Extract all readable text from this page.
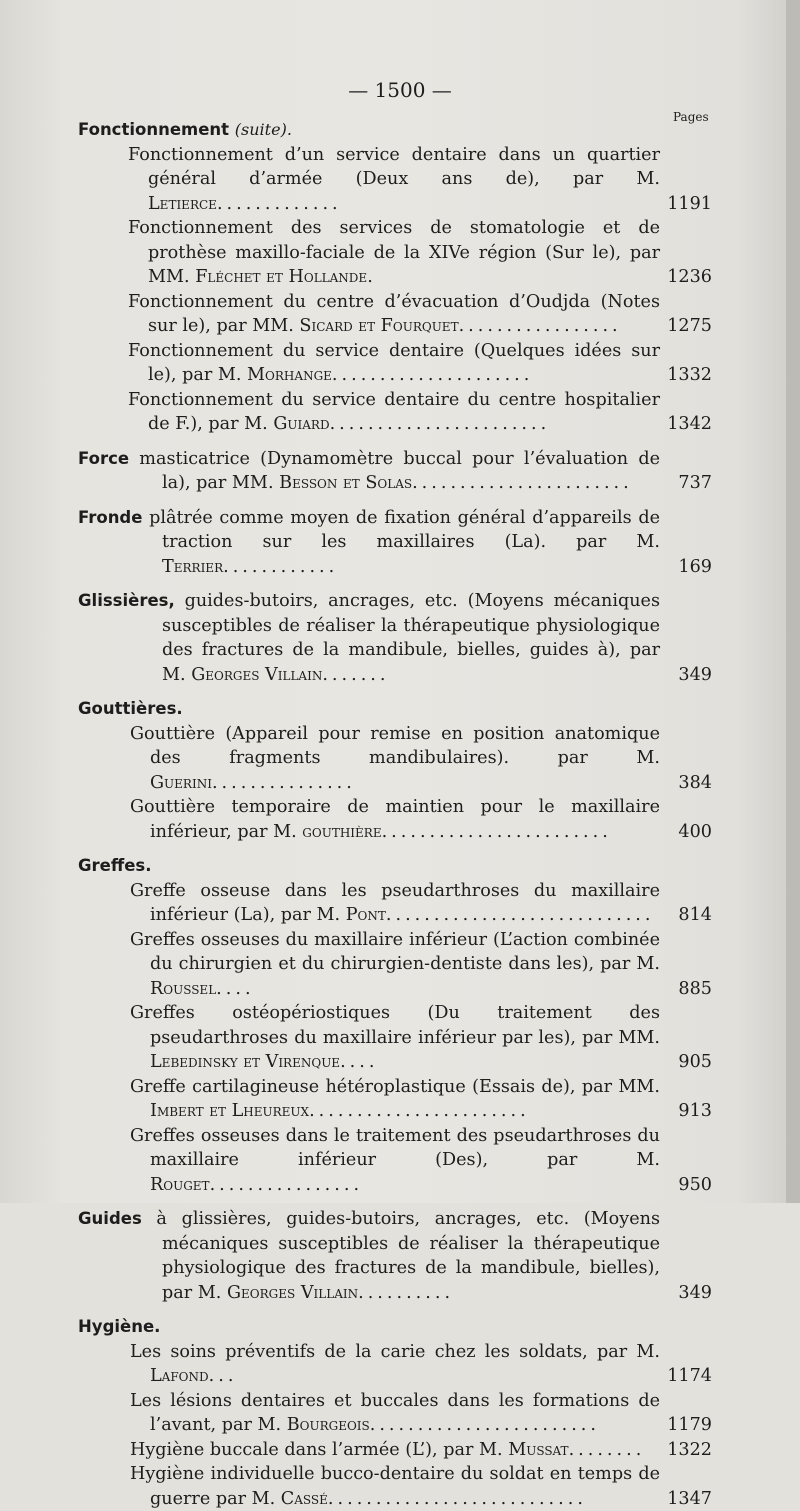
— 1500 —
Pages
Fonctionnement (suite).
Fonctionnement d’un service dentaire dans un quartier général d’armée (Deux ans de), par M. Letierce.............	1191
Fonctionnement des services de stomatologie et de prothèse maxillo-faciale de la XIVe région (Sur le), par MM. Fléchet et Hollande.	1236
Fonctionnement du centre d’évacuation d’Oudjda (Notes sur le), par MM. Sicard et Fourquet.................	1275
Fonctionnement du service dentaire (Quelques idées sur le), par M. Morhange.....................	1332
Fonctionnement du service dentaire du centre hospitalier de F.), par M. Guiard.......................	1342
Force masticatrice (Dynamomètre buccal pour l’évaluation de la), par MM. Besson et Solas.......................	737
Fronde plâtrée comme moyen de fixation général d’appareils de traction sur les maxillaires (La). par M. Terrier............	169
Glissières, guides-butoirs, ancrages, etc. (Moyens mécaniques susceptibles de réaliser la thérapeutique physiologique des fractures de la mandibule, bielles, guides à), par M. Georges Villain.......	349
Gouttières.
Gouttière (Appareil pour remise en position anatomique des fragments mandibulaires). par M. Guerini...............	384
Gouttière temporaire de maintien pour le maxillaire inférieur, par M. gouthière........................	400
Greffes.
Greffe osseuse dans les pseudarthroses du maxillaire inférieur (La), par M. Pont............................	814
Greffes osseuses du maxillaire inférieur (L’action combinée du chirurgien et du chirurgien-dentiste dans les), par M. Roussel....	885
Greffes ostéopériostiques (Du traitement des pseudarthroses du maxillaire inférieur par les), par MM. Lebedinsky et Virenque....	905
Greffe cartilagineuse hétéroplastique (Essais de), par MM. Imbert et Lheureux.......................	913
Greffes osseuses dans le traitement des pseudarthroses du maxillaire inférieur (Des), par M. Rouget................	950
Guides à glissières, guides-butoirs, ancrages, etc. (Moyens mécaniques susceptibles de réaliser la thérapeutique physiologique des fractures de la mandibule, bielles), par M. Georges Villain..........	349
Hygiène.
Les soins préventifs de la carie chez les soldats, par M. Lafond...	1174
Les lésions dentaires et buccales dans les formations de l’avant, par M. Bourgeois........................	1179
Hygiène buccale dans l’armée (L’), par M. Mussat........ 1322
Hygiène individuelle bucco-dentaire du soldat en temps de guerre par M. Cassé...........................	1347
